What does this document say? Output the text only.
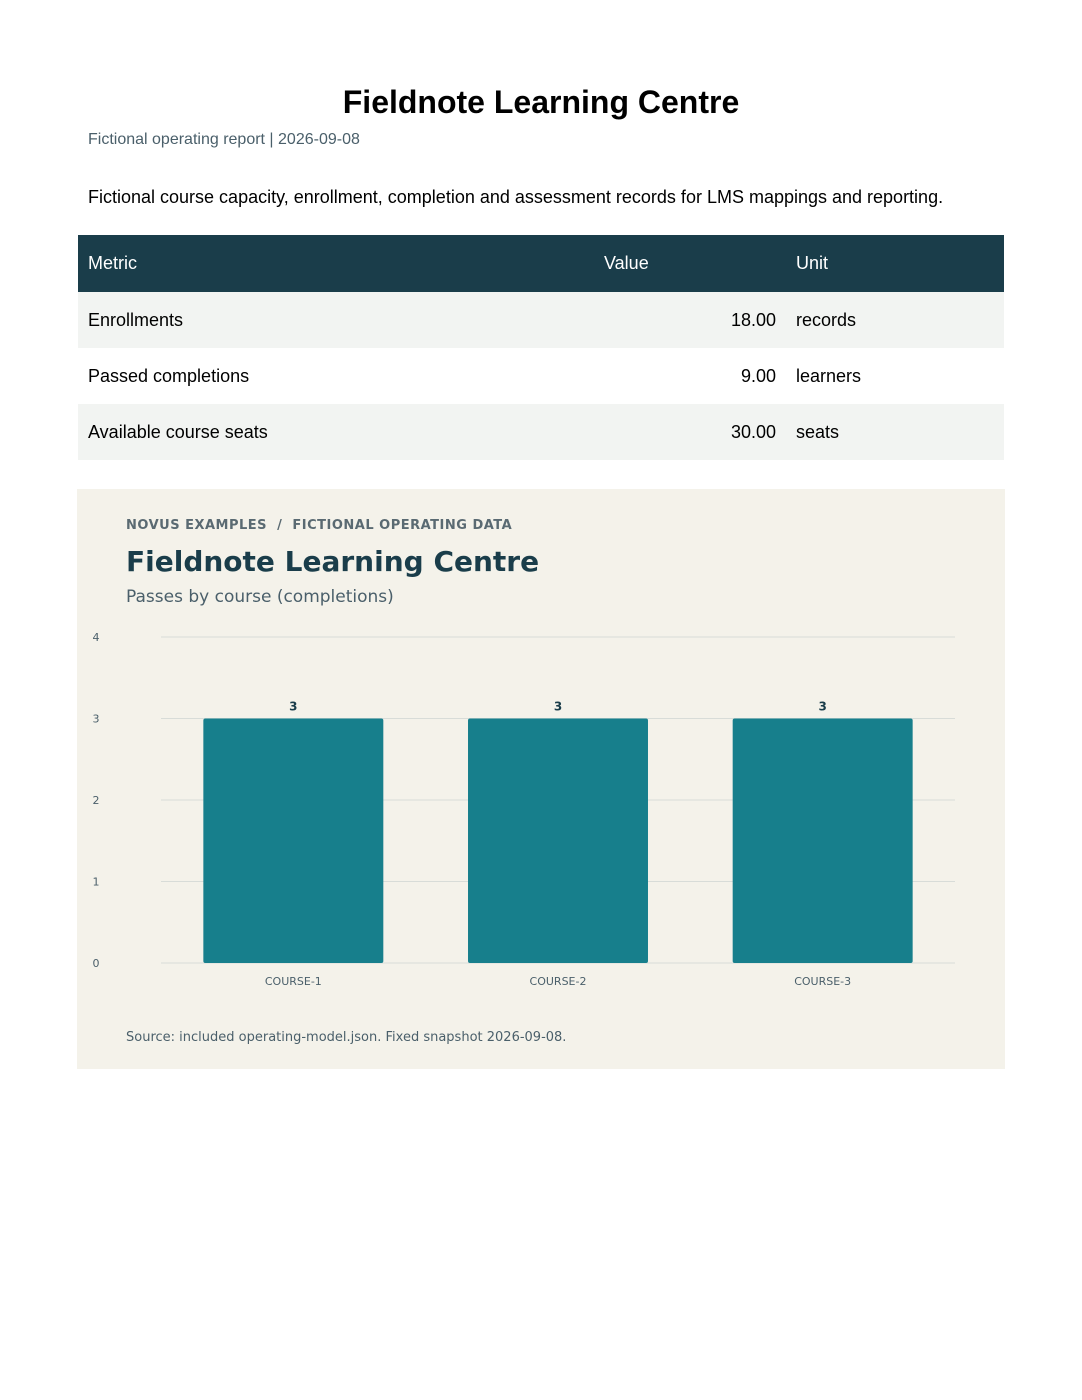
Fieldnote Learning Centre
Fictional operating report | 2026-09-08
Fictional course capacity, enrollment, completion and assessment records for LMS mappings and reporting.
Metric	Value	Unit
Enrollments	18.00	records
Passed completions	9.00	learners
Available course seats	30.00	seats
0
1
2
3
4
3
COURSE-1
3
COURSE-2
3
COURSE-3
NOVUS EXAMPLES  /  FICTIONAL OPERATING DATA
Fieldnote Learning Centre
Passes by course (completions)
Source: included operating-model.json. Fixed snapshot 2026-09-08.
